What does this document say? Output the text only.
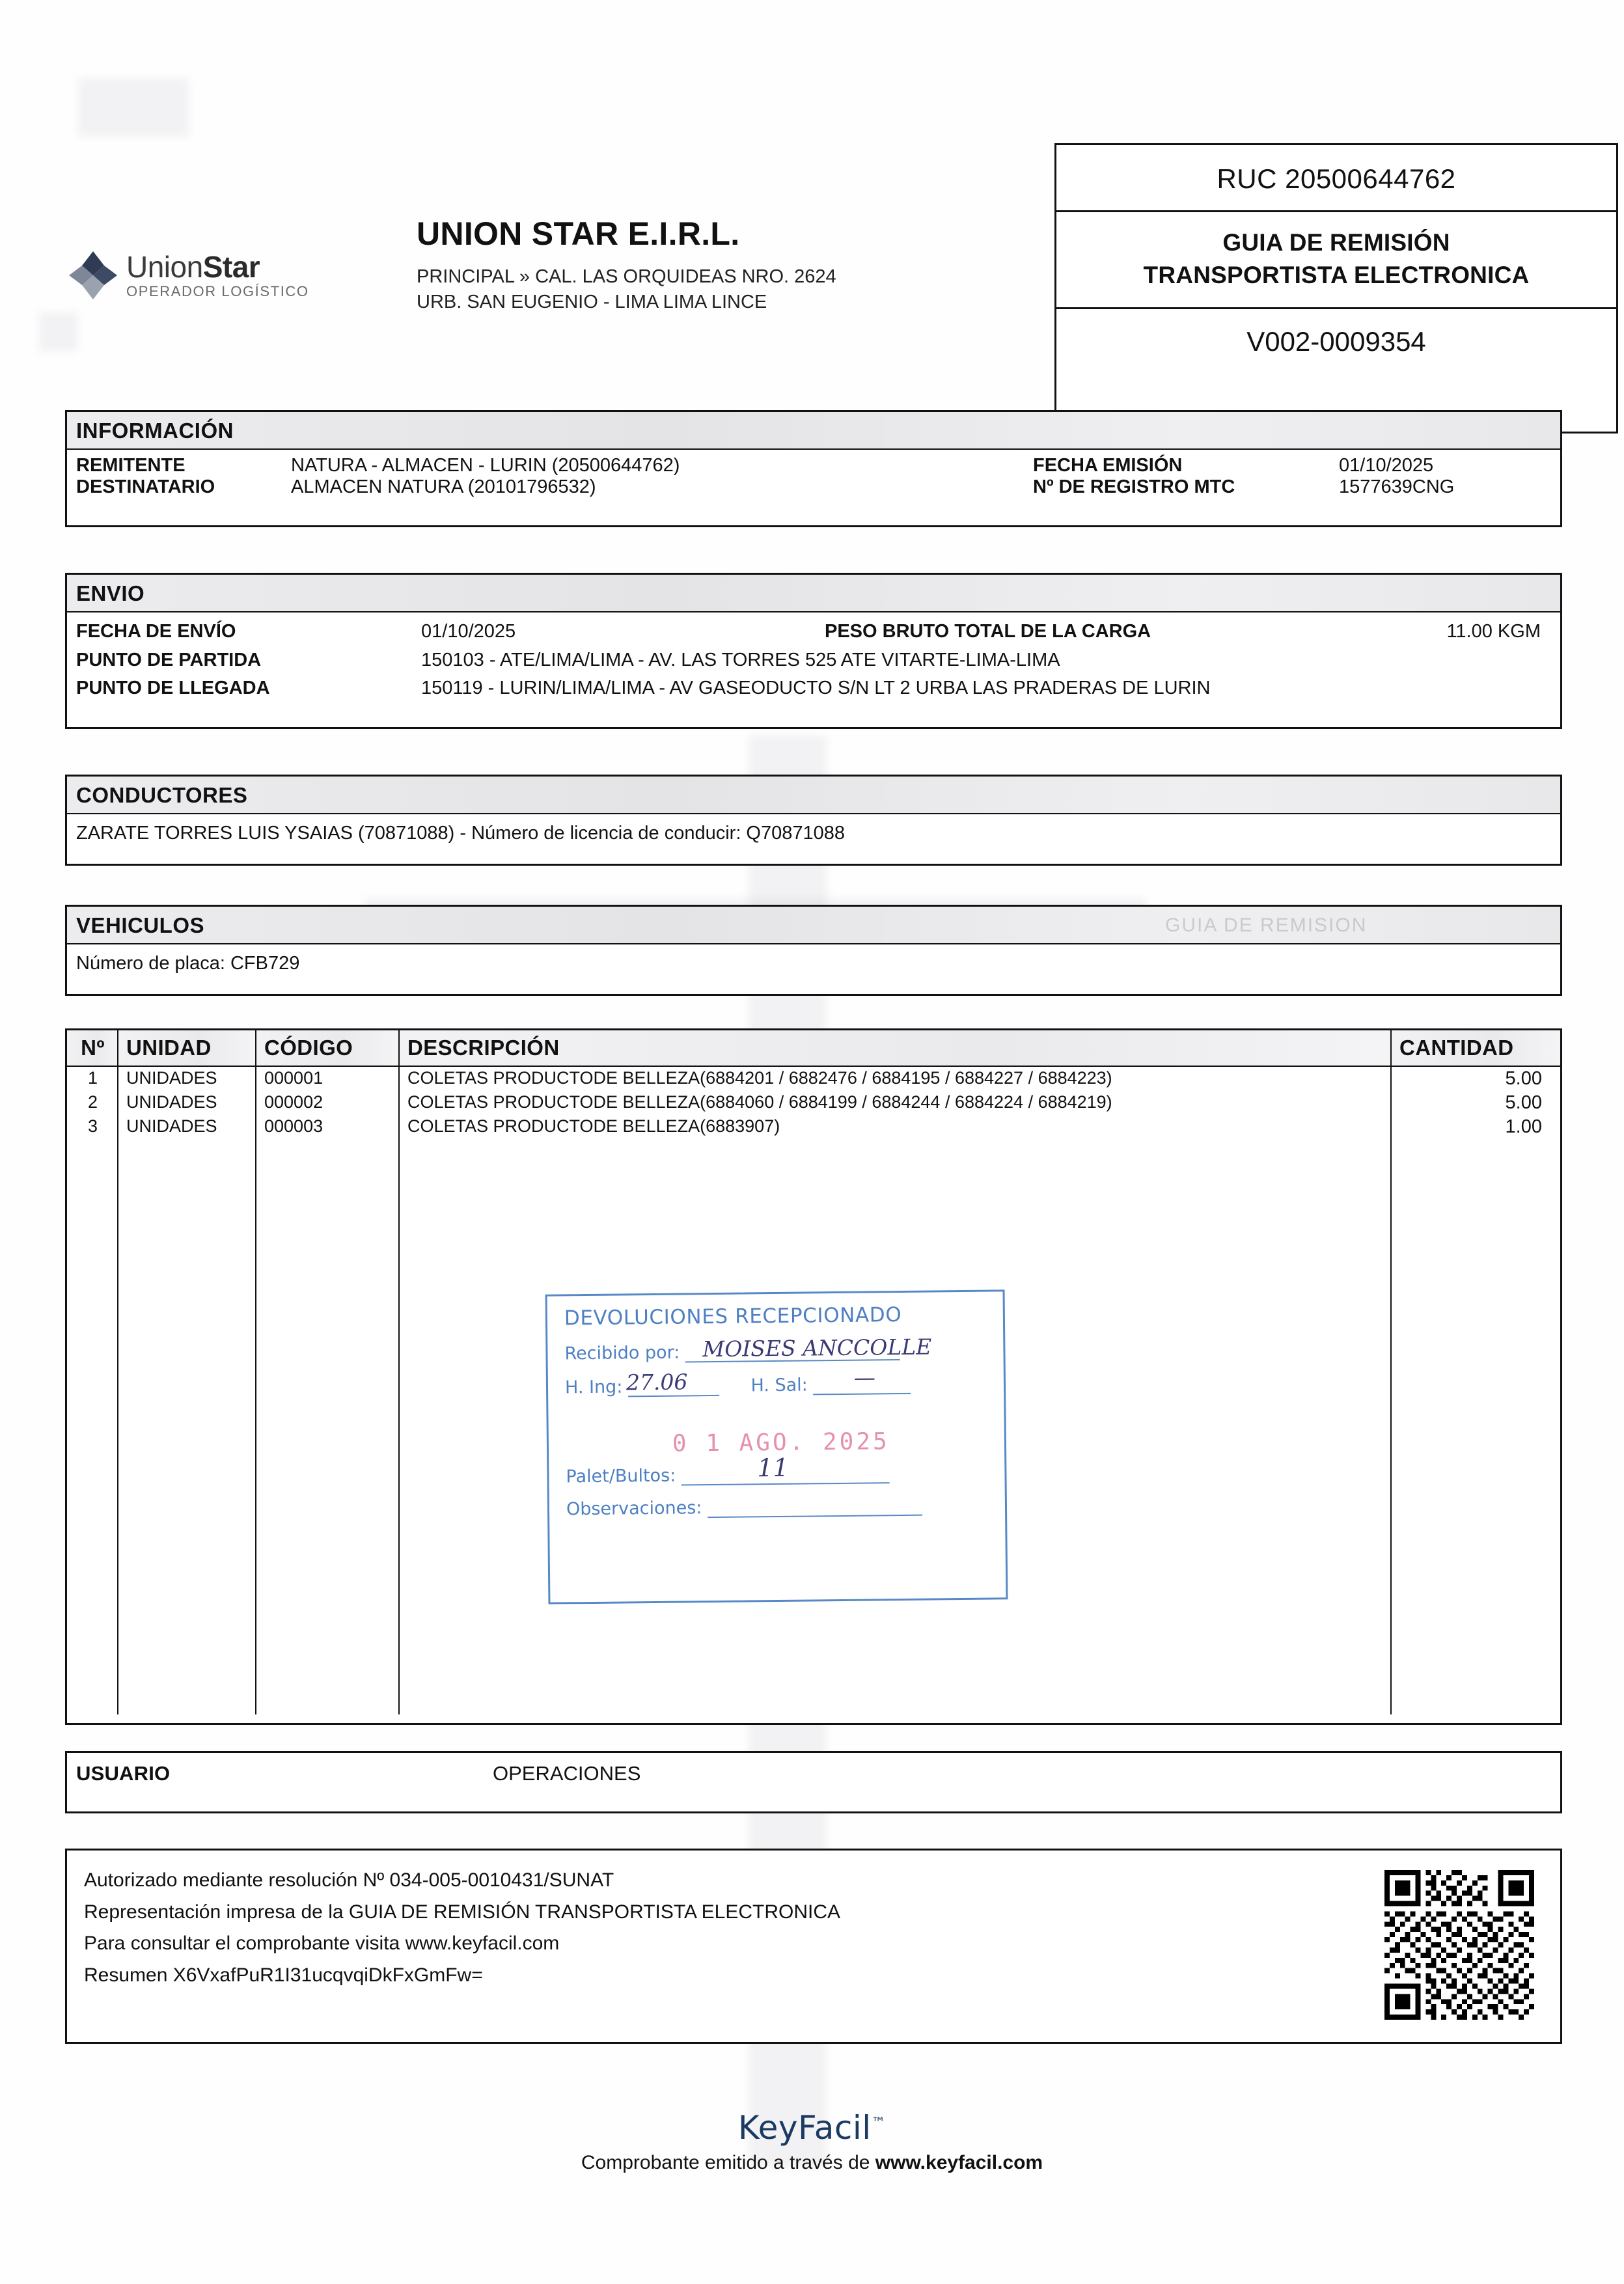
UnionStar
OPERADOR LOGÍSTICO
UNION STAR E.I.R.L.
PRINCIPAL » CAL. LAS ORQUIDEAS NRO. 2624
URB. SAN EUGENIO - LIMA LIMA LINCE
RUC 20500644762
GUIA DE REMISIÓN
TRANSPORTISTA ELECTRONICA
V002-0009354
INFORMACIÓN
REMITENTE	NATURA - ALMACEN - LURIN (20500644762)	FECHA EMISIÓN	01/10/2025
DESTINATARIO	ALMACEN NATURA (20101796532)	Nº DE REGISTRO MTC	1577639CNG
ENVIO
FECHA DE ENVÍO	01/10/2025	PESO BRUTO TOTAL DE LA CARGA	11.00 KGM
PUNTO DE PARTIDA	150103 - ATE/LIMA/LIMA - AV. LAS TORRES 525 ATE VITARTE-LIMA-LIMA
PUNTO DE LLEGADA	150119 - LURIN/LIMA/LIMA - AV GASEODUCTO S/N LT 2 URBA LAS PRADERAS DE LURIN
CONDUCTORES
ZARATE TORRES LUIS YSAIAS (70871088) - Número de licencia de conducir: Q70871088
VEHICULOS
Número de placa: CFB729
GUIA DE REMISION
Nº	UNIDAD	CÓDIGO	DESCRIPCIÓN	CANTIDAD
1	UNIDADES	000001	COLETAS PRODUCTODE BELLEZA(6884201 / 6882476 / 6884195 / 6884227 / 6884223)	5.00
2	UNIDADES	000002	COLETAS PRODUCTODE BELLEZA(6884060 / 6884199 / 6884244 / 6884224 / 6884219)	5.00
3	UNIDADES	000003	COLETAS PRODUCTODE BELLEZA(6883907)	1.00

DEVOLUCIONES RECEPCIONADO
Recibido por: MOISES ANCCOLLE
H. Ing:	H. Sal:
27.06	—
0 1 AGO. 2025
Palet/Bultos:	11
Observaciones:
USUARIO	OPERACIONES
Autorizado mediante resolución Nº 034-005-0010431/SUNAT
Representación impresa de la GUIA DE REMISIÓN TRANSPORTISTA ELECTRONICA
Para consultar el comprobante visita www.keyfacil.com
Resumen X6VxafPuR1I31ucqvqiDkFxGmFw=
KeyFacil™
Comprobante emitido a través de www.keyfacil.com
